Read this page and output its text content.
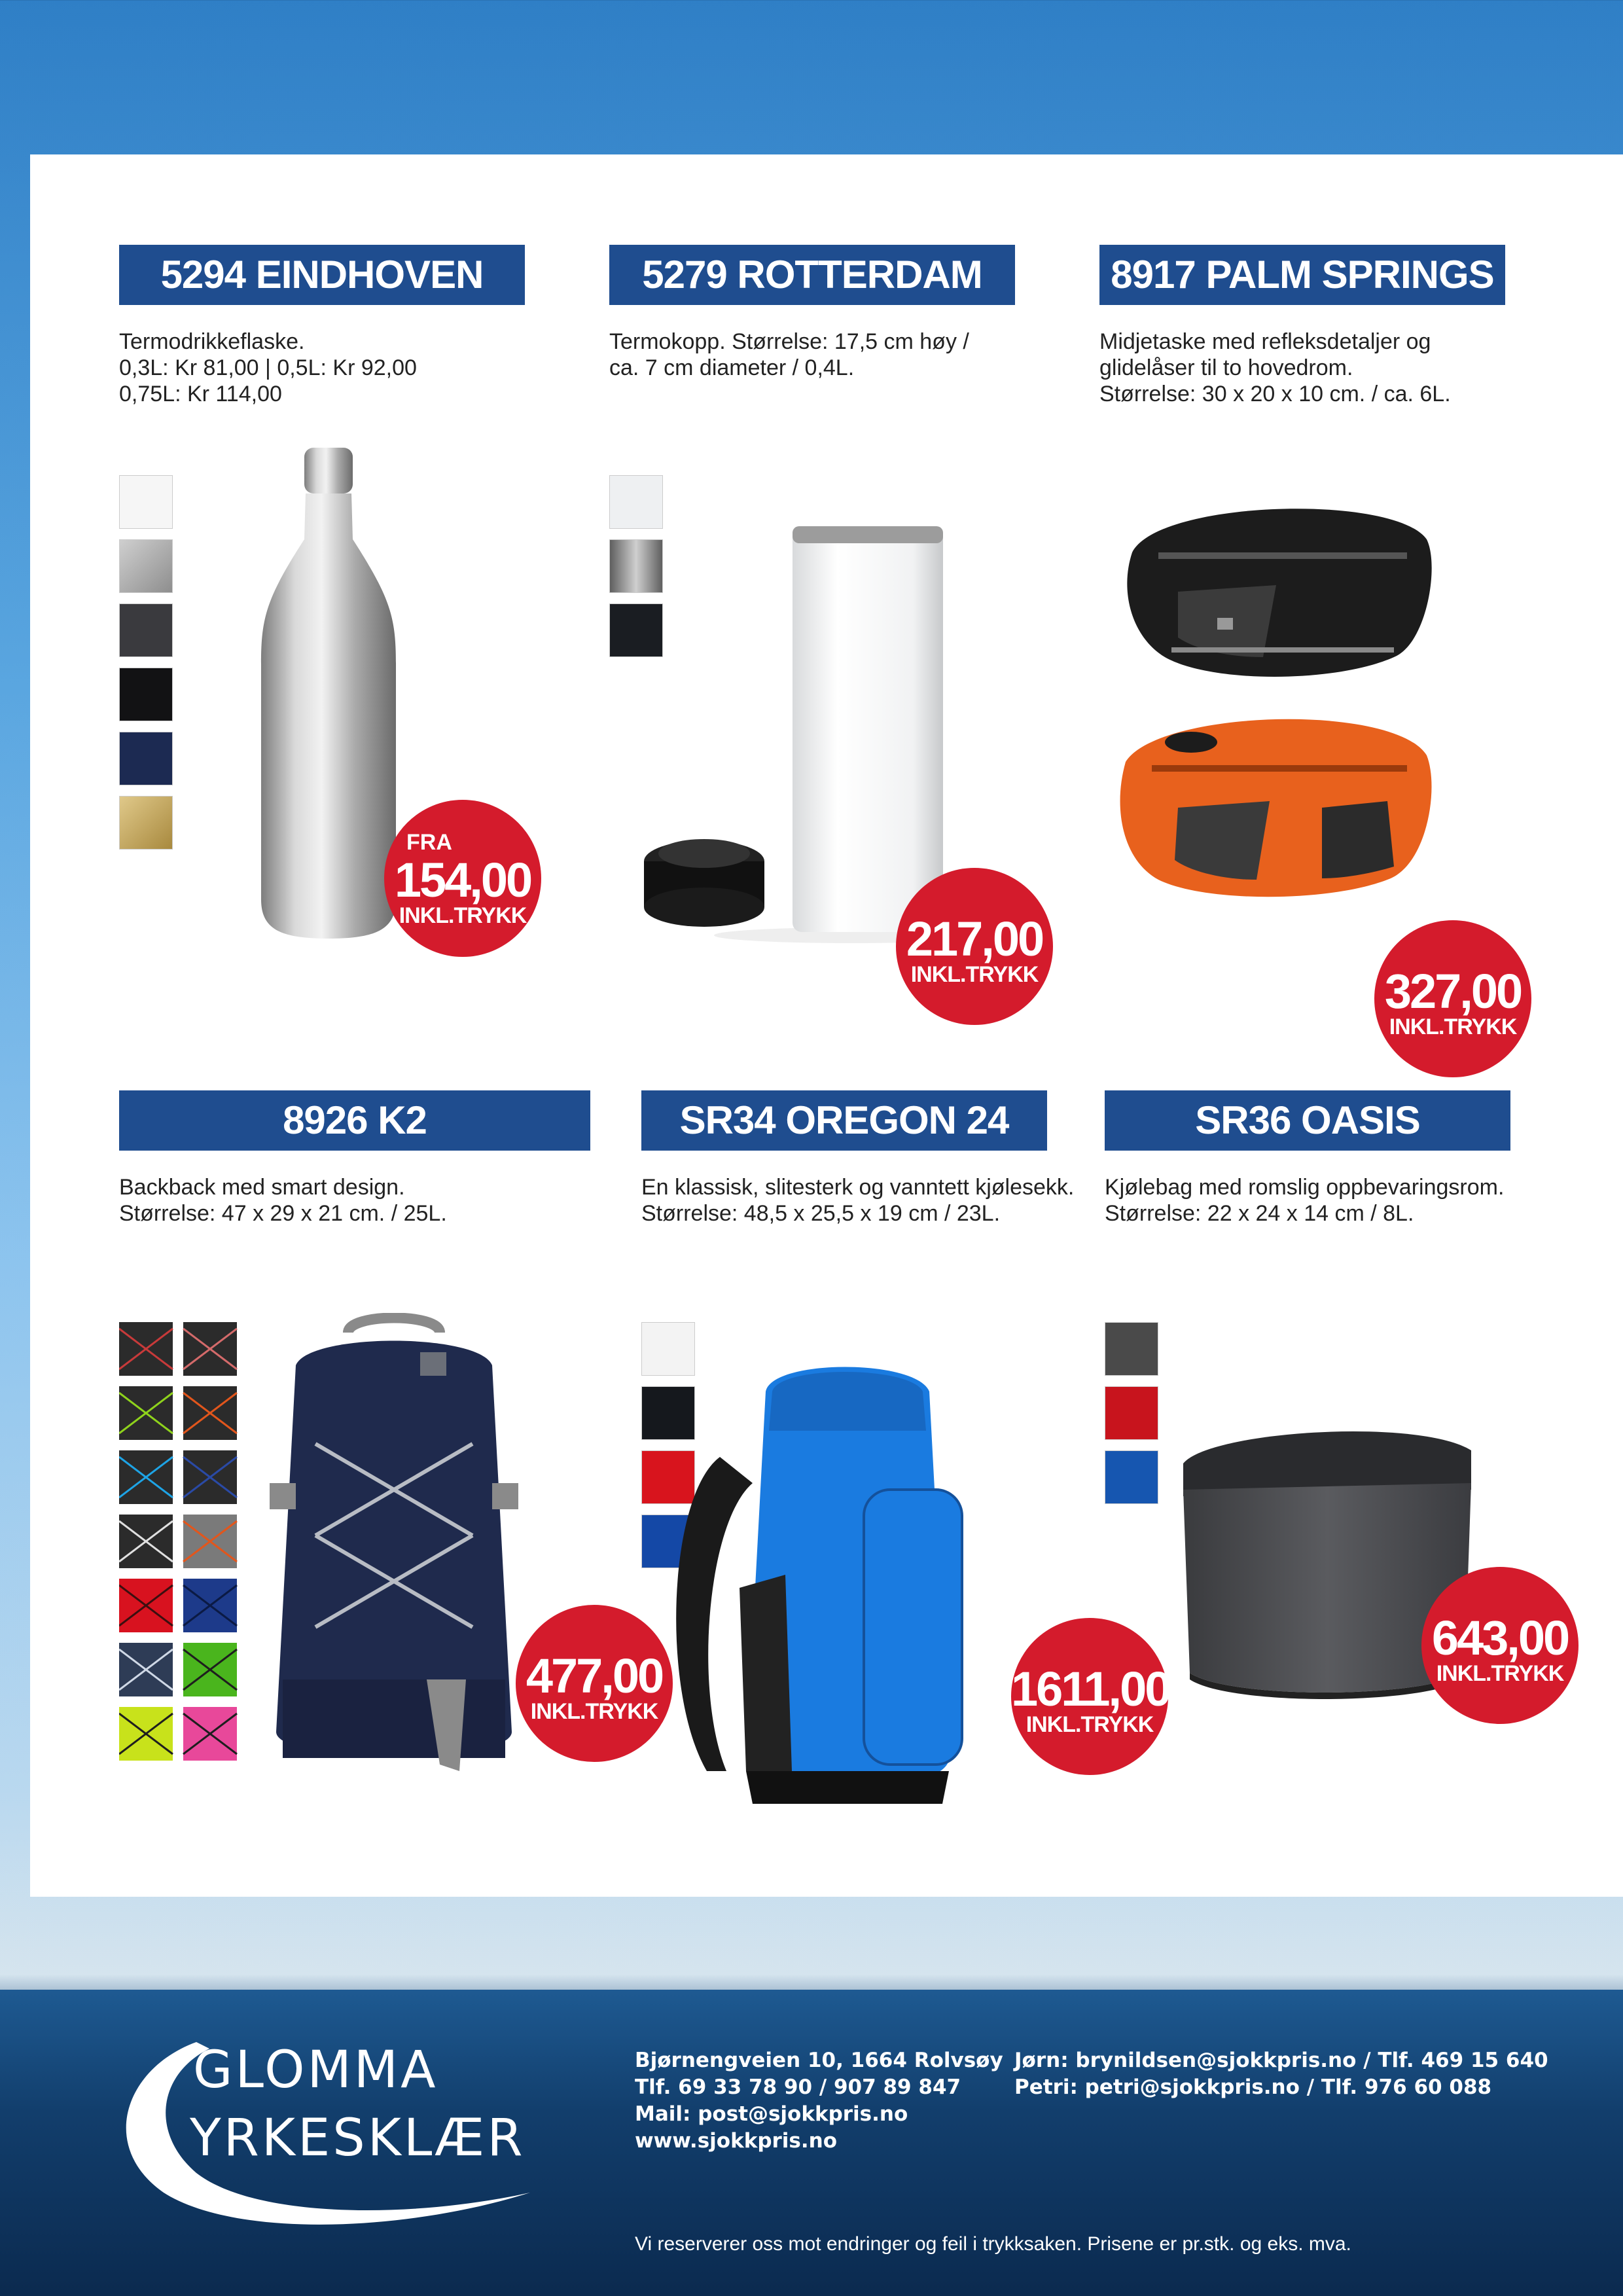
5294 EINDHOVEN
Termodrikkeflaske.
0,3L: Kr 81,00 | 0,5L: Kr 92,00
0,75L: Kr 114,00
FRA
154,00
INKL.TRYKK
5279 ROTTERDAM
Termokopp. Størrelse: 17,5 cm høy /
ca. 7 cm diameter / 0,4L.
217,00
INKL.TRYKK
8917 PALM SPRINGS
Midjetaske med refleksdetaljer og
glidelåser til to hovedrom.
Størrelse: 30 x 20 x 10 cm. / ca. 6L.
327,00
INKL.TRYKK
8926 K2
Backback med smart design.
Størrelse: 47 x 29 x 21 cm. / 25L.
477,00
INKL.TRYKK
SR34 OREGON 24
En klassisk, slitesterk og vanntett kjølesekk.
Størrelse: 48,5 x 25,5 x 19 cm / 23L.
1611,00
INKL.TRYKK
SR36 OASIS
Kjølebag med romslig oppbevaringsrom.
Størrelse: 22 x 24 x 14 cm / 8L.
643,00
INKL.TRYKK
GLOMMA
YRKESKLÆR
Bjørnengveien 10, 1664 Rolvsøy
Tlf. 69 33 78 90 / 907 89 847
Mail: post@sjokkpris.no
www.sjokkpris.no
Jørn: brynildsen@sjokkpris.no / Tlf. 469 15 640
Petri: petri@sjokkpris.no / Tlf. 976 60 088
Vi reserverer oss mot endringer og feil i trykksaken. Prisene er pr.stk. og eks. mva.
